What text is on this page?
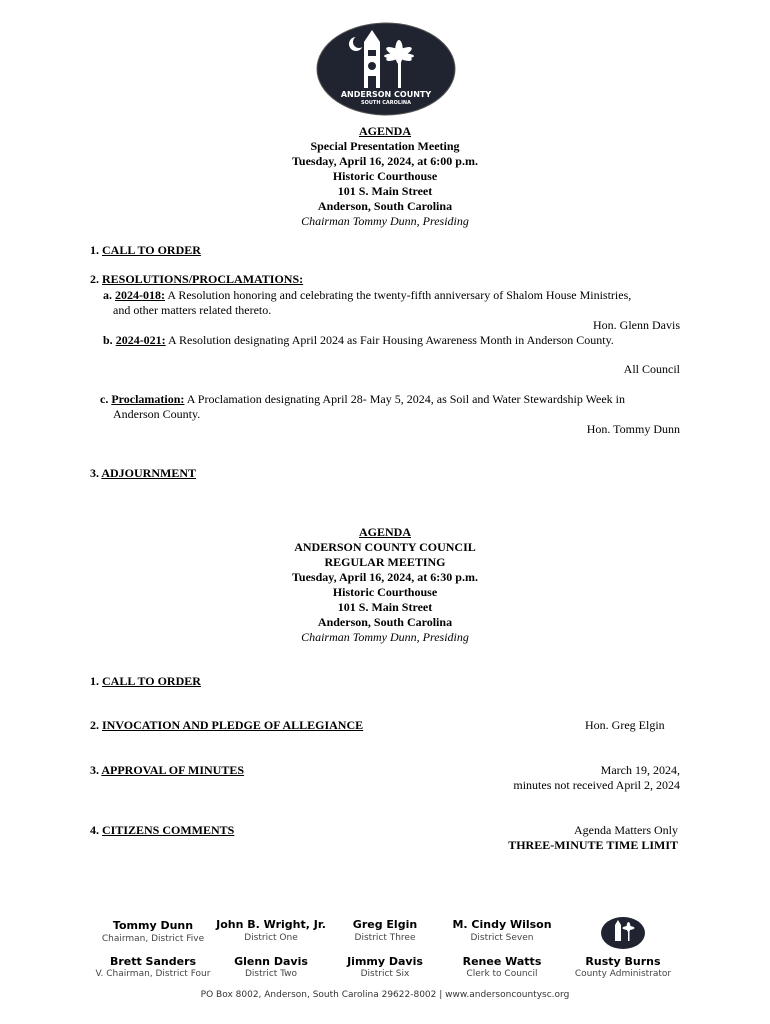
ANDERSON COUNTY
SOUTH CAROLINA
AGENDA
Special Presentation Meeting
Tuesday, April 16, 2024, at 6:00 p.m.
Historic Courthouse
101 S. Main Street
Anderson, South Carolina
Chairman Tommy Dunn, Presiding
1. CALL TO ORDER
2. RESOLUTIONS/PROCLAMATIONS:
a. 2024-018: A Resolution honoring and celebrating the twenty-fifth anniversary of Shalom House Ministries,
and other matters related thereto.
Hon. Glenn Davis
b. 2024-021: A Resolution designating April 2024 as Fair Housing Awareness Month in Anderson County.
All Council
c. Proclamation: A Proclamation designating April 28- May 5, 2024, as Soil and Water Stewardship Week in
Anderson County.
Hon. Tommy Dunn
3. ADJOURNMENT
AGENDA
ANDERSON COUNTY COUNCIL
REGULAR MEETING
Tuesday, April 16, 2024, at 6:30 p.m.
Historic Courthouse
101 S. Main Street
Anderson, South Carolina
Chairman Tommy Dunn, Presiding
1. CALL TO ORDER
2. INVOCATION AND PLEDGE OF ALLEGIANCE	Hon. Greg Elgin
3. APPROVAL OF MINUTES	March 19, 2024,
minutes not received April 2, 2024
4. CITIZENS COMMENTS	Agenda Matters Only
THREE-MINUTE TIME LIMIT
Tommy Dunn
Chairman, District Five
John B. Wright, Jr.
District One
Greg Elgin
District Three
M. Cindy Wilson
District Seven
Brett Sanders
V. Chairman, District Four
Glenn Davis
District Two
Jimmy Davis
District Six
Renee Watts
Clerk to Council
Rusty Burns
County Administrator
PO Box 8002, Anderson, South Carolina 29622-8002 | www.andersoncountysc.org
